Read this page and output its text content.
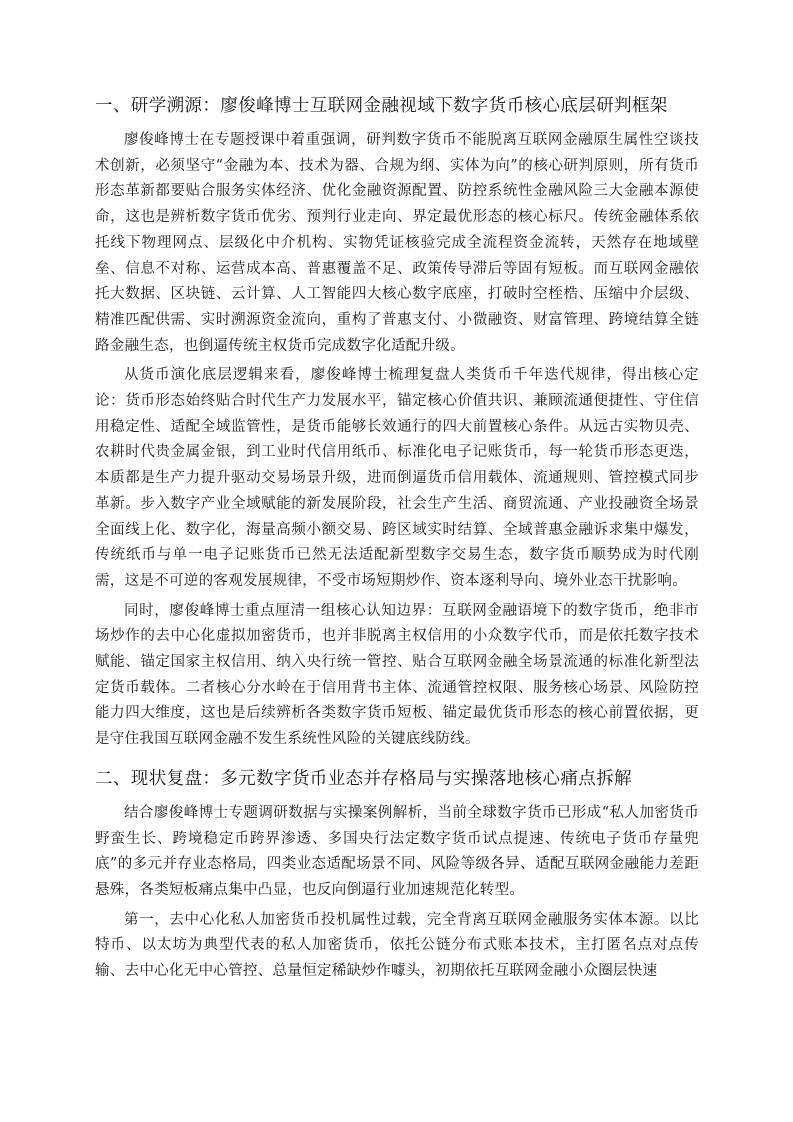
一、研学溯源：廖俊峰博士互联网金融视域下数字货币核心底层研判框架

廖俊峰博士在专题授课中着重强调，研判数字货币不能脱离互联网金融原生属性空谈技术创新，必须坚守“金融为本、技术为器、合规为纲、实体为向”的核心研判原则，所有货币形态革新都要贴合服务实体经济、优化金融资源配置、防控系统性金融风险三大金融本源使命，这也是辨析数字货币优劣、预判行业走向、界定最优形态的核心标尺。传统金融体系依托线下物理网点、层级化中介机构、实物凭证核验完成全流程资金流转，天然存在地域壁垒、信息不对称、运营成本高、普惠覆盖不足、政策传导滞后等固有短板。而互联网金融依托大数据、区块链、云计算、人工智能四大核心数字底座，打破时空桎梏、压缩中介层级、精准匹配供需、实时溯源资金流向，重构了普惠支付、小微融资、财富管理、跨境结算全链路金融生态，也倒逼传统主权货币完成数字化适配升级。

从货币演化底层逻辑来看，廖俊峰博士梳理复盘人类货币千年迭代规律，得出核心定论：货币形态始终贴合时代生产力发展水平，锚定核心价值共识、兼顾流通便捷性、守住信用稳定性、适配全域监管性，是货币能够长效通行的四大前置核心条件。从远古实物贝壳、农耕时代贵金属金银，到工业时代信用纸币、标准化电子记账货币，每一轮货币形态更迭，本质都是生产力提升驱动交易场景升级，进而倒逼货币信用载体、流通规则、管控模式同步革新。步入数字产业全域赋能的新发展阶段，社会生产生活、商贸流通、产业投融资全场景全面线上化、数字化，海量高频小额交易、跨区域实时结算、全域普惠金融诉求集中爆发，传统纸币与单一电子记账货币已然无法适配新型数字交易生态，数字货币顺势成为时代刚需，这是不可逆的客观发展规律，不受市场短期炒作、资本逐利导向、境外业态干扰影响。

同时，廖俊峰博士重点厘清一组核心认知边界：互联网金融语境下的数字货币，绝非市场炒作的去中心化虚拟加密货币，也并非脱离主权信用的小众数字代币，而是依托数字技术赋能、锚定国家主权信用、纳入央行统一管控、贴合互联网金融全场景流通的标准化新型法定货币载体。二者核心分水岭在于信用背书主体、流通管控权限、服务核心场景、风险防控能力四大维度，这也是后续辨析各类数字货币短板、锚定最优货币形态的核心前置依据，更是守住我国互联网金融不发生系统性风险的关键底线防线。

二、现状复盘：多元数字货币业态并存格局与实操落地核心痛点拆解

结合廖俊峰博士专题调研数据与实操案例解析，当前全球数字货币已形成“私人加密货币野蛮生长、跨境稳定币跨界渗透、多国央行法定数字货币试点提速、传统电子货币存量兜底”的多元并存业态格局，四类业态适配场景不同、风险等级各异、适配互联网金融能力差距悬殊，各类短板痛点集中凸显，也反向倒逼行业加速规范化转型。

第一，去中心化私人加密货币投机属性过载，完全背离互联网金融服务实体本源。以比特币、以太坊为典型代表的私人加密货币，依托公链分布式账本技术，主打匿名点对点传输、去中心化无中心管控、总量恒定稀缺炒作噱头，初期依托互联网金融小众圈层快速
